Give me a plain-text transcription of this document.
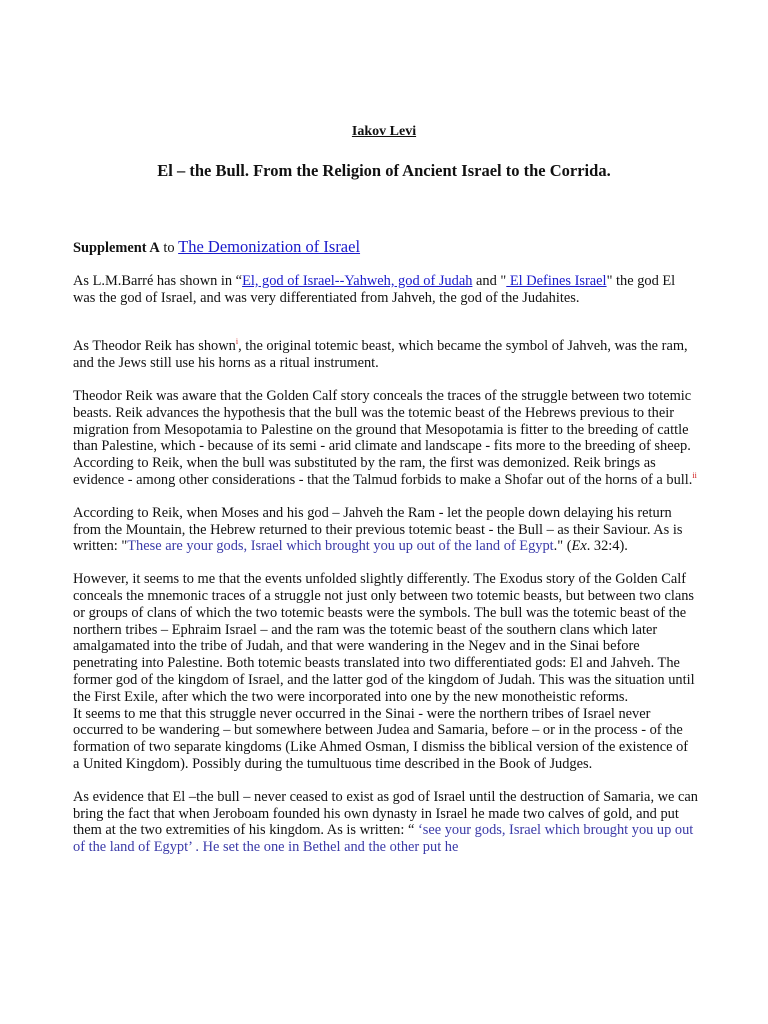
Iakov Levi
El – the Bull. From the Religion of Ancient Israel to the Corrida.

Supplement A to The Demonization of Israel

As L.M.Barré has shown in “El, god of Israel--Yahweh, god of Judah and " El Defines Israel" the god El was the god of Israel, and was very differentiated from Jahveh, the god of the Judahites.

As Theodor Reik has shown$^i$, the original totemic beast, which became the symbol of Jahveh, was the ram, and the Jews still use his horns as a ritual instrument.

Theodor Reik was aware that the Golden Calf story conceals the traces of the struggle between two totemic beasts. Reik advances the hypothesis that the bull was the totemic beast of the Hebrews previous to their migration from Mesopotamia to Palestine on the ground that Mesopotamia is fitter to the breeding of cattle than Palestine, which - because of its semi - arid climate and landscape - fits more to the breeding of sheep.

According to Reik, when the bull was substituted by the ram, the first was demonized. Reik brings as evidence - among other considerations - that the Talmud forbids to make a Shofar out of the horns of a bull.$^{ii}$

According to Reik, when Moses and his god – Jahveh the Ram - let the people down delaying his return from the Mountain, the Hebrew returned to their previous totemic beast - the Bull – as their Saviour. As is written: "These are your gods, Israel which brought you up out of the land of Egypt." (Ex. 32:4).

However, it seems to me that the events unfolded slightly differently. The Exodus story of the Golden Calf conceals the mnemonic traces of a struggle not just only between two totemic beasts, but between two clans or groups of clans of which the two totemic beasts were the symbols. The bull was the totemic beast of the northern tribes – Ephraim Israel – and the ram was the totemic beast of the southern clans which later amalgamated into the tribe of Judah, and that were wandering in the Negev and in the Sinai before penetrating into Palestine. Both totemic beasts translated into two differentiated gods: El and Jahveh. The former god of the kingdom of Israel, and the latter god of the kingdom of Judah. This was the situation until the First Exile, after which the two were incorporated into one by the new monotheistic reforms.

It seems to me that this struggle never occurred in the Sinai - were the northern tribes of Israel never occurred to be wandering – but somewhere between Judea and Samaria, before – or in the process - of the formation of two separate kingdoms (Like Ahmed Osman, I dismiss the biblical version of the existence of a United Kingdom). Possibly during the tumultuous time described in the Book of Judges.

As evidence that El –the bull – never ceased to exist as god of Israel until the destruction of Samaria, we can bring the fact that when Jeroboam founded his own dynasty in Israel he made two calves of gold, and put them at the two extremities of his kingdom. As is written: “ ‘see your gods, Israel which brought you up out of the land of Egypt’ . He set the one in Bethel and the other put he
